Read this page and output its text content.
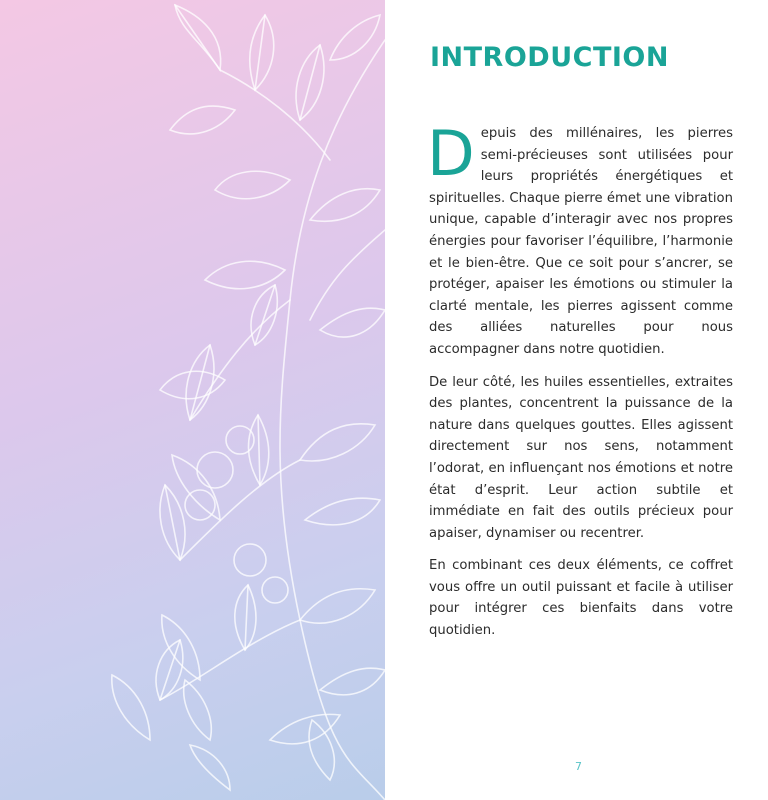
INTRODUCTION

Depuis des millénaires, les pierres semi-précieuses sont utilisées pour leurs propriétés énergétiques et spirituelles. Chaque pierre émet une vibration unique, capable d’interagir avec nos propres énergies pour favoriser l’équilibre, l’harmonie et le bien-être. Que ce soit pour s’ancrer, se protéger, apaiser les émotions ou stimuler la clarté mentale, les pierres agissent comme des alliées naturelles pour nous accompagner dans notre quotidien.

De leur côté, les huiles essentielles, extraites des plantes, concentrent la puissance de la nature dans quelques gouttes. Elles agissent directement sur nos sens, notamment l’odorat, en influençant nos émotions et notre état d’esprit. Leur action subtile et immédiate en fait des outils précieux pour apaiser, dynamiser ou recentrer.

En combinant ces deux éléments, ce coffret vous offre un outil puissant et facile à utiliser pour intégrer ces bienfaits dans votre quotidien.

7
